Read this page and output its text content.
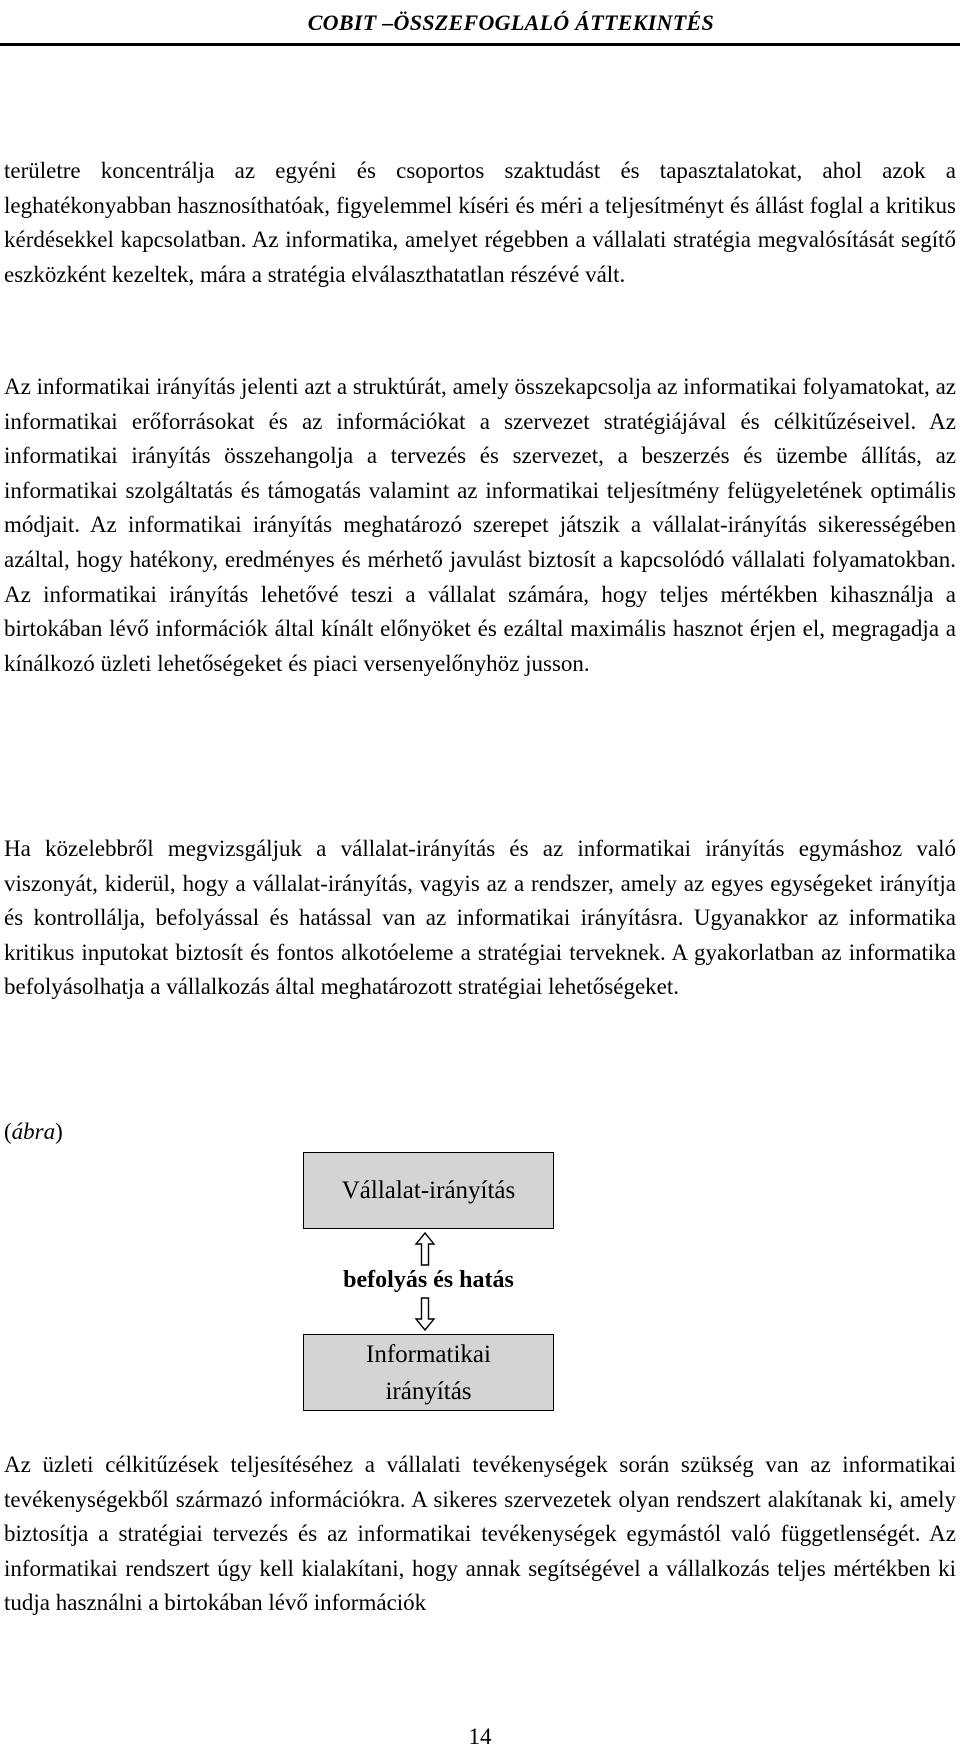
COBIT –ÖSSZEFOGLALÓ ÁTTEKINTÉS

területre koncentrálja az egyéni és csoportos szaktudást és tapasztalatokat, ahol azok a leghatékonyabban hasznosíthatóak, figyelemmel kíséri és méri a teljesítményt és állást foglal a kritikus kérdésekkel kapcsolatban. Az informatika, amelyet régebben a vállalati stratégia megvalósítását segítő eszközként kezeltek, mára a stratégia elválaszthatatlan részévé vált.

Az informatikai irányítás jelenti azt a struktúrát, amely összekapcsolja az informatikai folyamatokat, az informatikai erőforrásokat és az információkat a szervezet stratégiájával és célkitűzéseivel. Az informatikai irányítás összehangolja a tervezés és szervezet, a beszerzés és üzembe állítás, az informatikai szolgáltatás és támogatás valamint az informatikai teljesítmény felügyeletének optimális módjait. Az informatikai irányítás meghatározó szerepet játszik a vállalat-irányítás sikerességében azáltal, hogy hatékony, eredményes és mérhető javulást biztosít a kapcsolódó vállalati folyamatokban. Az informatikai irányítás lehetővé teszi a vállalat számára, hogy teljes mértékben kihasználja a birtokában lévő információk által kínált előnyöket és ezáltal maximális hasznot érjen el, megragadja a kínálkozó üzleti lehetőségeket és piaci versenyelőnyhöz jusson.

Ha közelebbről megvizsgáljuk a vállalat-irányítás és az informatikai irányítás egymáshoz való viszonyát, kiderül, hogy a vállalat-irányítás, vagyis az a rendszer, amely az egyes egységeket irányítja és kontrollálja, befolyással és hatással van az informatikai irányításra. Ugyanakkor az informatika kritikus inputokat biztosít és fontos alkotóeleme a stratégiai terveknek. A gyakorlatban az informatika befolyásolhatja a vállalkozás által meghatározott stratégiai lehetőségeket.

(ábra)
Vállalat-irányítás
befolyás és hatás
Informatikai irányítás

Az üzleti célkitűzések teljesítéséhez a vállalati tevékenységek során szükség van az informatikai tevékenységekből származó információkra. A sikeres szervezetek olyan rendszert alakítanak ki, amely biztosítja a stratégiai tervezés és az informatikai tevékenységek egymástól való függetlenségét. Az informatikai rendszert úgy kell kialakítani, hogy annak segítségével a vállalkozás teljes mértékben ki tudja használni a birtokában lévő információk

14
